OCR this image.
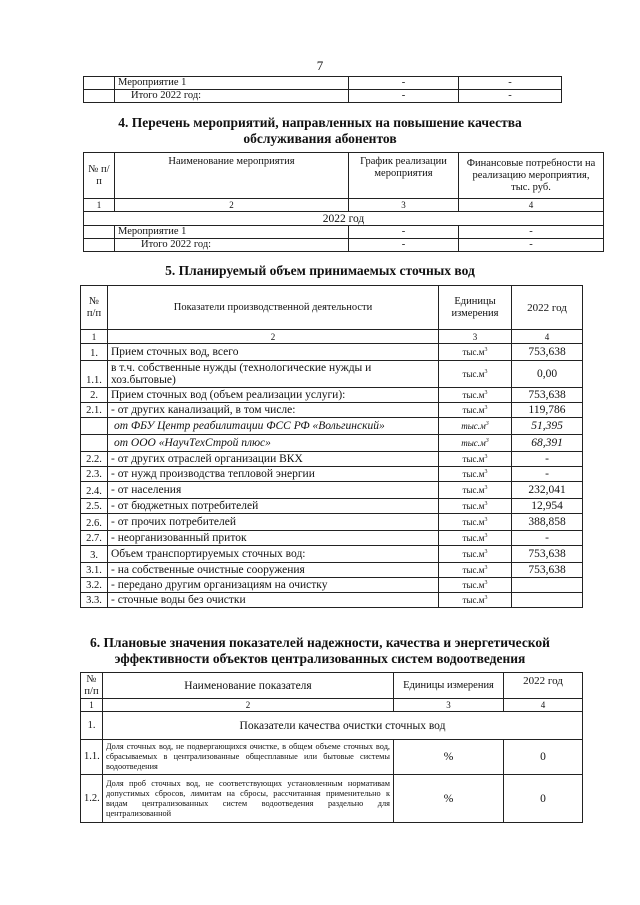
7
	Мероприятие 1	-	-
	Итого 2022 год:	-	-
4. Перечень мероприятий, направленных на повышение качества
обслуживания абонентов
№ п/п	Наименование мероприятия	График реализации мероприятия	Финансовые потребности на реализацию мероприятия, тыс. руб.
1	2	3	4
2022 год			
	Мероприятие 1	-	-
	Итого 2022 год:	-	-
5. Планируемый объем принимаемых сточных вод
№ п/п	Показатели производственной деятельности	Единицы измерения	2022 год
1	2	3	4
1.	Прием сточных вод, всего	$тыс.м^3$	753,638
1.1.	в т.ч. собственные нужды (технологические нужды и хоз.бытовые)	$тыс.м^3$	0,00
2.	Прием сточных вод (объем реализации услуги):	$тыс.м^3$	753,638
2.1.	- от других канализаций, в том числе:	$тыс.м^3$	119,786
	от ФБУ Центр реабилитации ФСС РФ «Вольгинский»	$тыс.м^3$	51,395
	от ООО «НаучТехСтрой плюс»	$тыс.м^3$	68,391
2.2.	- от других отраслей организации ВКХ	$тыс.м^3$	-
2.3.	- от нужд производства тепловой энергии	$тыс.м^3$	-
2.4.	- от населения	$тыс.м^3$	232,041
2.5.	- от бюджетных потребителей	$тыс.м^3$	12,954
2.6.	- от прочих потребителей	$тыс.м^3$	388,858
2.7.	- неорганизованный приток	$тыс.м^3$	-
3.	Объем транспортируемых сточных вод:	$тыс.м^3$	753,638
3.1.	- на собственные очистные сооружения	$тыс.м^3$	753,638
3.2.	- передано другим организациям на очистку	$тыс.м^3$	
3.3.	- сточные воды без очистки	$тыс.м^3$	
6. Плановые значения показателей надежности, качества и энергетической
эффективности объектов централизованных систем водоотведения
№ п/п	Наименование показателя	Единицы измерения	2022 год
1	2	3	4
1.	Показатели качества очистки сточных вод		
1.1.	Доля сточных вод, не подвергающихся очистке, в общем объеме сточных вод, сбрасываемых в централизованные общесплавные или бытовые системы водоотведения	%	0
1.2.	Доля проб сточных вод, не соответствующих установленным нормативам допустимых сбросов, лимитам на сбросы, рассчитанная применительно к видам централизованных систем водоотведения раздельно для централизованной	%	0
